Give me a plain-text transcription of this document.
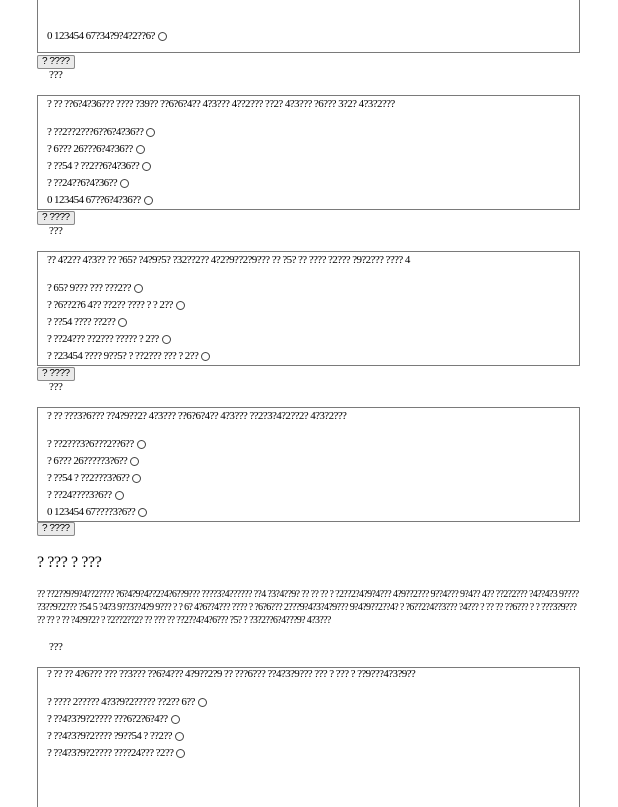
0 123454 67?34?9?4?2??6?
? ????
???
? ?? ??6?4?36??? ???? ?39?? ??6?6?4?? 4?3??? 4??2??? ??2? 4?3??? ?6??? 3?2? 4?3?2???
? ??2??2???6??6?4?36??
? 6??? 26???6?4?36??
? ??54 ? ??2??6?4?36??
? ??24??6?4?36??
0 123454 67??6?4?36??
? ????
???
?? 4?2?? 4?3?? ?? ?65? ?4?9?5? ?32??2?? 4?2?9??2?9??? ?? ?5? ?? ???? ?2??? ?9?2??? ???? 4
? 65? 9??? ??? ???2??
? ?6??2?6 4?? ??2?? ???? ? ? 2??
? ??54 ???? ??2??
? ??24??? ??2??? ????? ? 2??
? ?23454 ???? 9??5? ? ??2??? ??? ? 2??
? ????
???
? ?? ???3?6??? ??4?9??2? 4?3??? ??6?6?4?? 4?3??? ??2?3?4?2??2? 4?3?2???
? ??2???3?6???2??6??
? 6??? 26?????3?6??
? ??54 ? ??2???3?6??
? ??24????3?6??
0 123454 67????3?6??
? ????
? ??? ? ???
?? ??2??9?9?4??2???? ?6?4?9?4??2?4?6??9??? ????3?4?????? ??4 ?3?4??9? ?? ?? ?? ? ?2??2?4?9?4??? 4?9??2??? 9??4??? 9?4?? 4?? ??2?2??? ?4??4?3 9???? ?3??9?2??? ?54 5 ?4?3 9??3??4?9 9??? ? ? 6? 4?6??4??? ???? ? ?6?6??? 2???9?4?3?4?9??? 9?4?9??2??4? ? ?6??2?4??3??? ?4??? ? ?? ?? ??6??? ? ? ???3?9??? ?? ?? ? ?? ?4?9?2? ? ?2??2??2? ?? ??? ?? ??2??4?4?6??? ?5? ? ?3?2??6?4???9? 4?3???
???
? ?? ?? 4?6??? ??? ??3??? ??6?4??? 4?9??2?9 ?? ???6??? ??4?3?9??? ??? ? ??? ? ??9???4?3?9??
? ???? 2????? 4?3?9?2????? ??2?? 6??
? ??4?3?9?2???? ???6?2?6?4??
? ??4?3?9?2???? ?9??54 ? ??2??
? ??4?3?9?2???? ????24??? ?2??
